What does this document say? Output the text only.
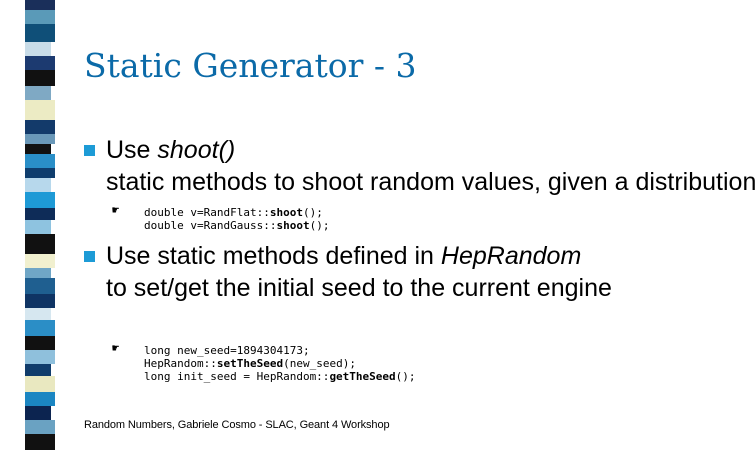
Static Generator - 3
Use shoot() static methods to shoot random values, given a distribution
☛ double v=RandFlat::shoot();
double v=RandGauss::shoot();
Use static methods defined in HepRandom to set/get the initial seed to the current engine
☛ long new_seed=1894304173;
HepRandom::setTheSeed(new_seed);
long init_seed = HepRandom::getTheSeed();
Random Numbers, Gabriele Cosmo - SLAC, Geant 4 Workshop
